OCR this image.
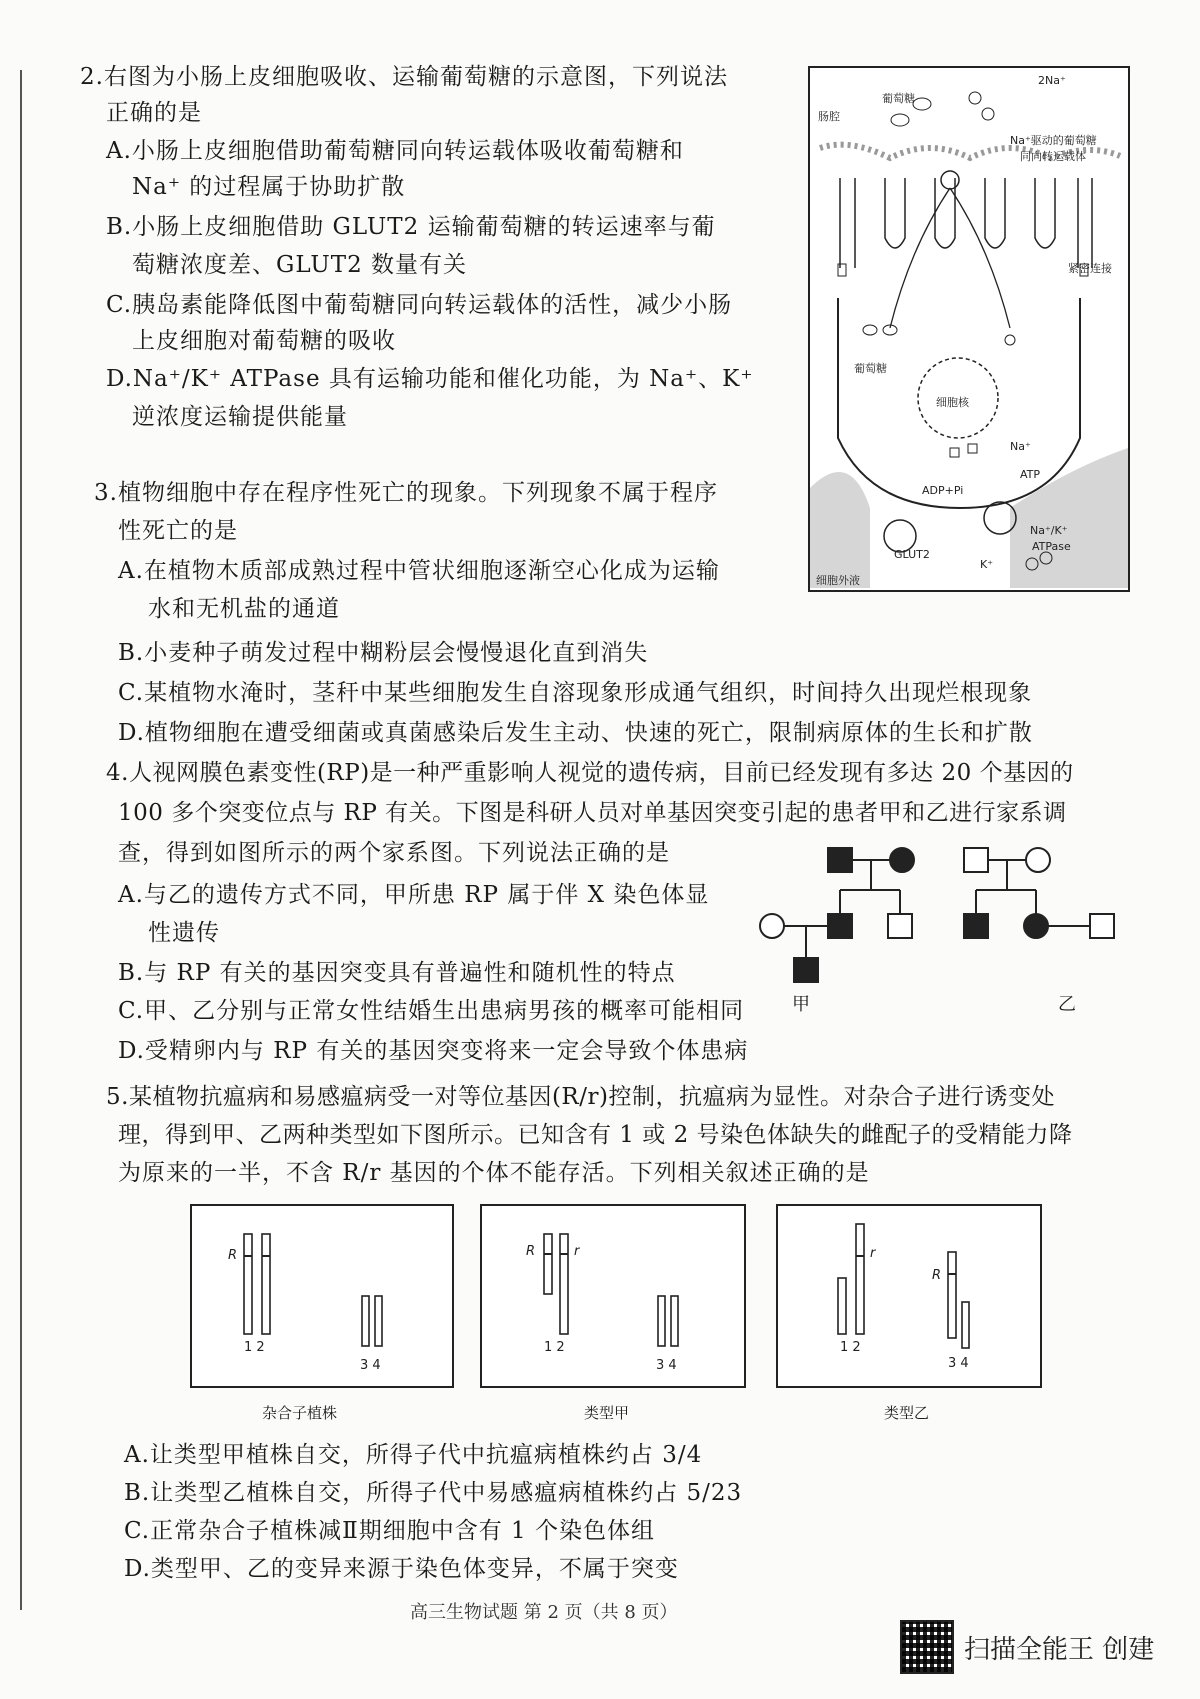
2.右图为小肠上皮细胞吸收、运输葡萄糖的示意图，下列说法
正确的是
A.小肠上皮细胞借助葡萄糖同向转运载体吸收葡萄糖和
Na⁺ 的过程属于协助扩散
B.小肠上皮细胞借助 GLUT2 运输葡萄糖的转运速率与葡
萄糖浓度差、GLUT2 数量有关
C.胰岛素能降低图中葡萄糖同向转运载体的活性，减少小肠
上皮细胞对葡萄糖的吸收
D.Na⁺/K⁺ ATPase 具有运输功能和催化功能，为 Na⁺、K⁺
逆浓度运输提供能量
肠腔
葡萄糖
2Na⁺
Na⁺驱动的葡萄糖
同向转运载体
紧密连接
细胞核
葡萄糖
Na⁺
ADP+Pi
ATP
GLUT2
Na⁺/K⁺
ATPase
K⁺
细胞外液
3.植物细胞中存在程序性死亡的现象。下列现象不属于程序
性死亡的是
A.在植物木质部成熟过程中管状细胞逐渐空心化成为运输
水和无机盐的通道
B.小麦种子萌发过程中糊粉层会慢慢退化直到消失
C.某植物水淹时，茎秆中某些细胞发生自溶现象形成通气组织，时间持久出现烂根现象
D.植物细胞在遭受细菌或真菌感染后发生主动、快速的死亡，限制病原体的生长和扩散
4.人视网膜色素变性(RP)是一种严重影响人视觉的遗传病，目前已经发现有多达 20 个基因的
100 多个突变位点与 RP 有关。下图是科研人员对单基因突变引起的患者甲和乙进行家系调
查，得到如图所示的两个家系图。下列说法正确的是
A.与乙的遗传方式不同，甲所患 RP 属于伴 X 染色体显
性遗传
B.与 RP 有关的基因突变具有普遍性和随机性的特点
C.甲、乙分别与正常女性结婚生出患病男孩的概率可能相同
D.受精卵内与 RP 有关的基因突变将来一定会导致个体患病
甲	乙
5.某植物抗瘟病和易感瘟病受一对等位基因(R/r)控制，抗瘟病为显性。对杂合子进行诱变处
理，得到甲、乙两种类型如下图所示。已知含有 1 或 2 号染色体缺失的雌配子的受精能力降
为原来的一半，不含 R/r 基因的个体不能存活。下列相关叙述正确的是
R
1 2
3 4
杂合子植株
R	r
1 2
3 4
类型甲
r
R
1 2
3 4
类型乙
A.让类型甲植株自交，所得子代中抗瘟病植株约占 3/4
B.让类型乙植株自交，所得子代中易感瘟病植株约占 5/23
C.正常杂合子植株减Ⅱ期细胞中含有 1 个染色体组
D.类型甲、乙的变异来源于染色体变异，不属于突变
高三生物试题 第 2 页（共 8 页）
扫描全能王 创建
